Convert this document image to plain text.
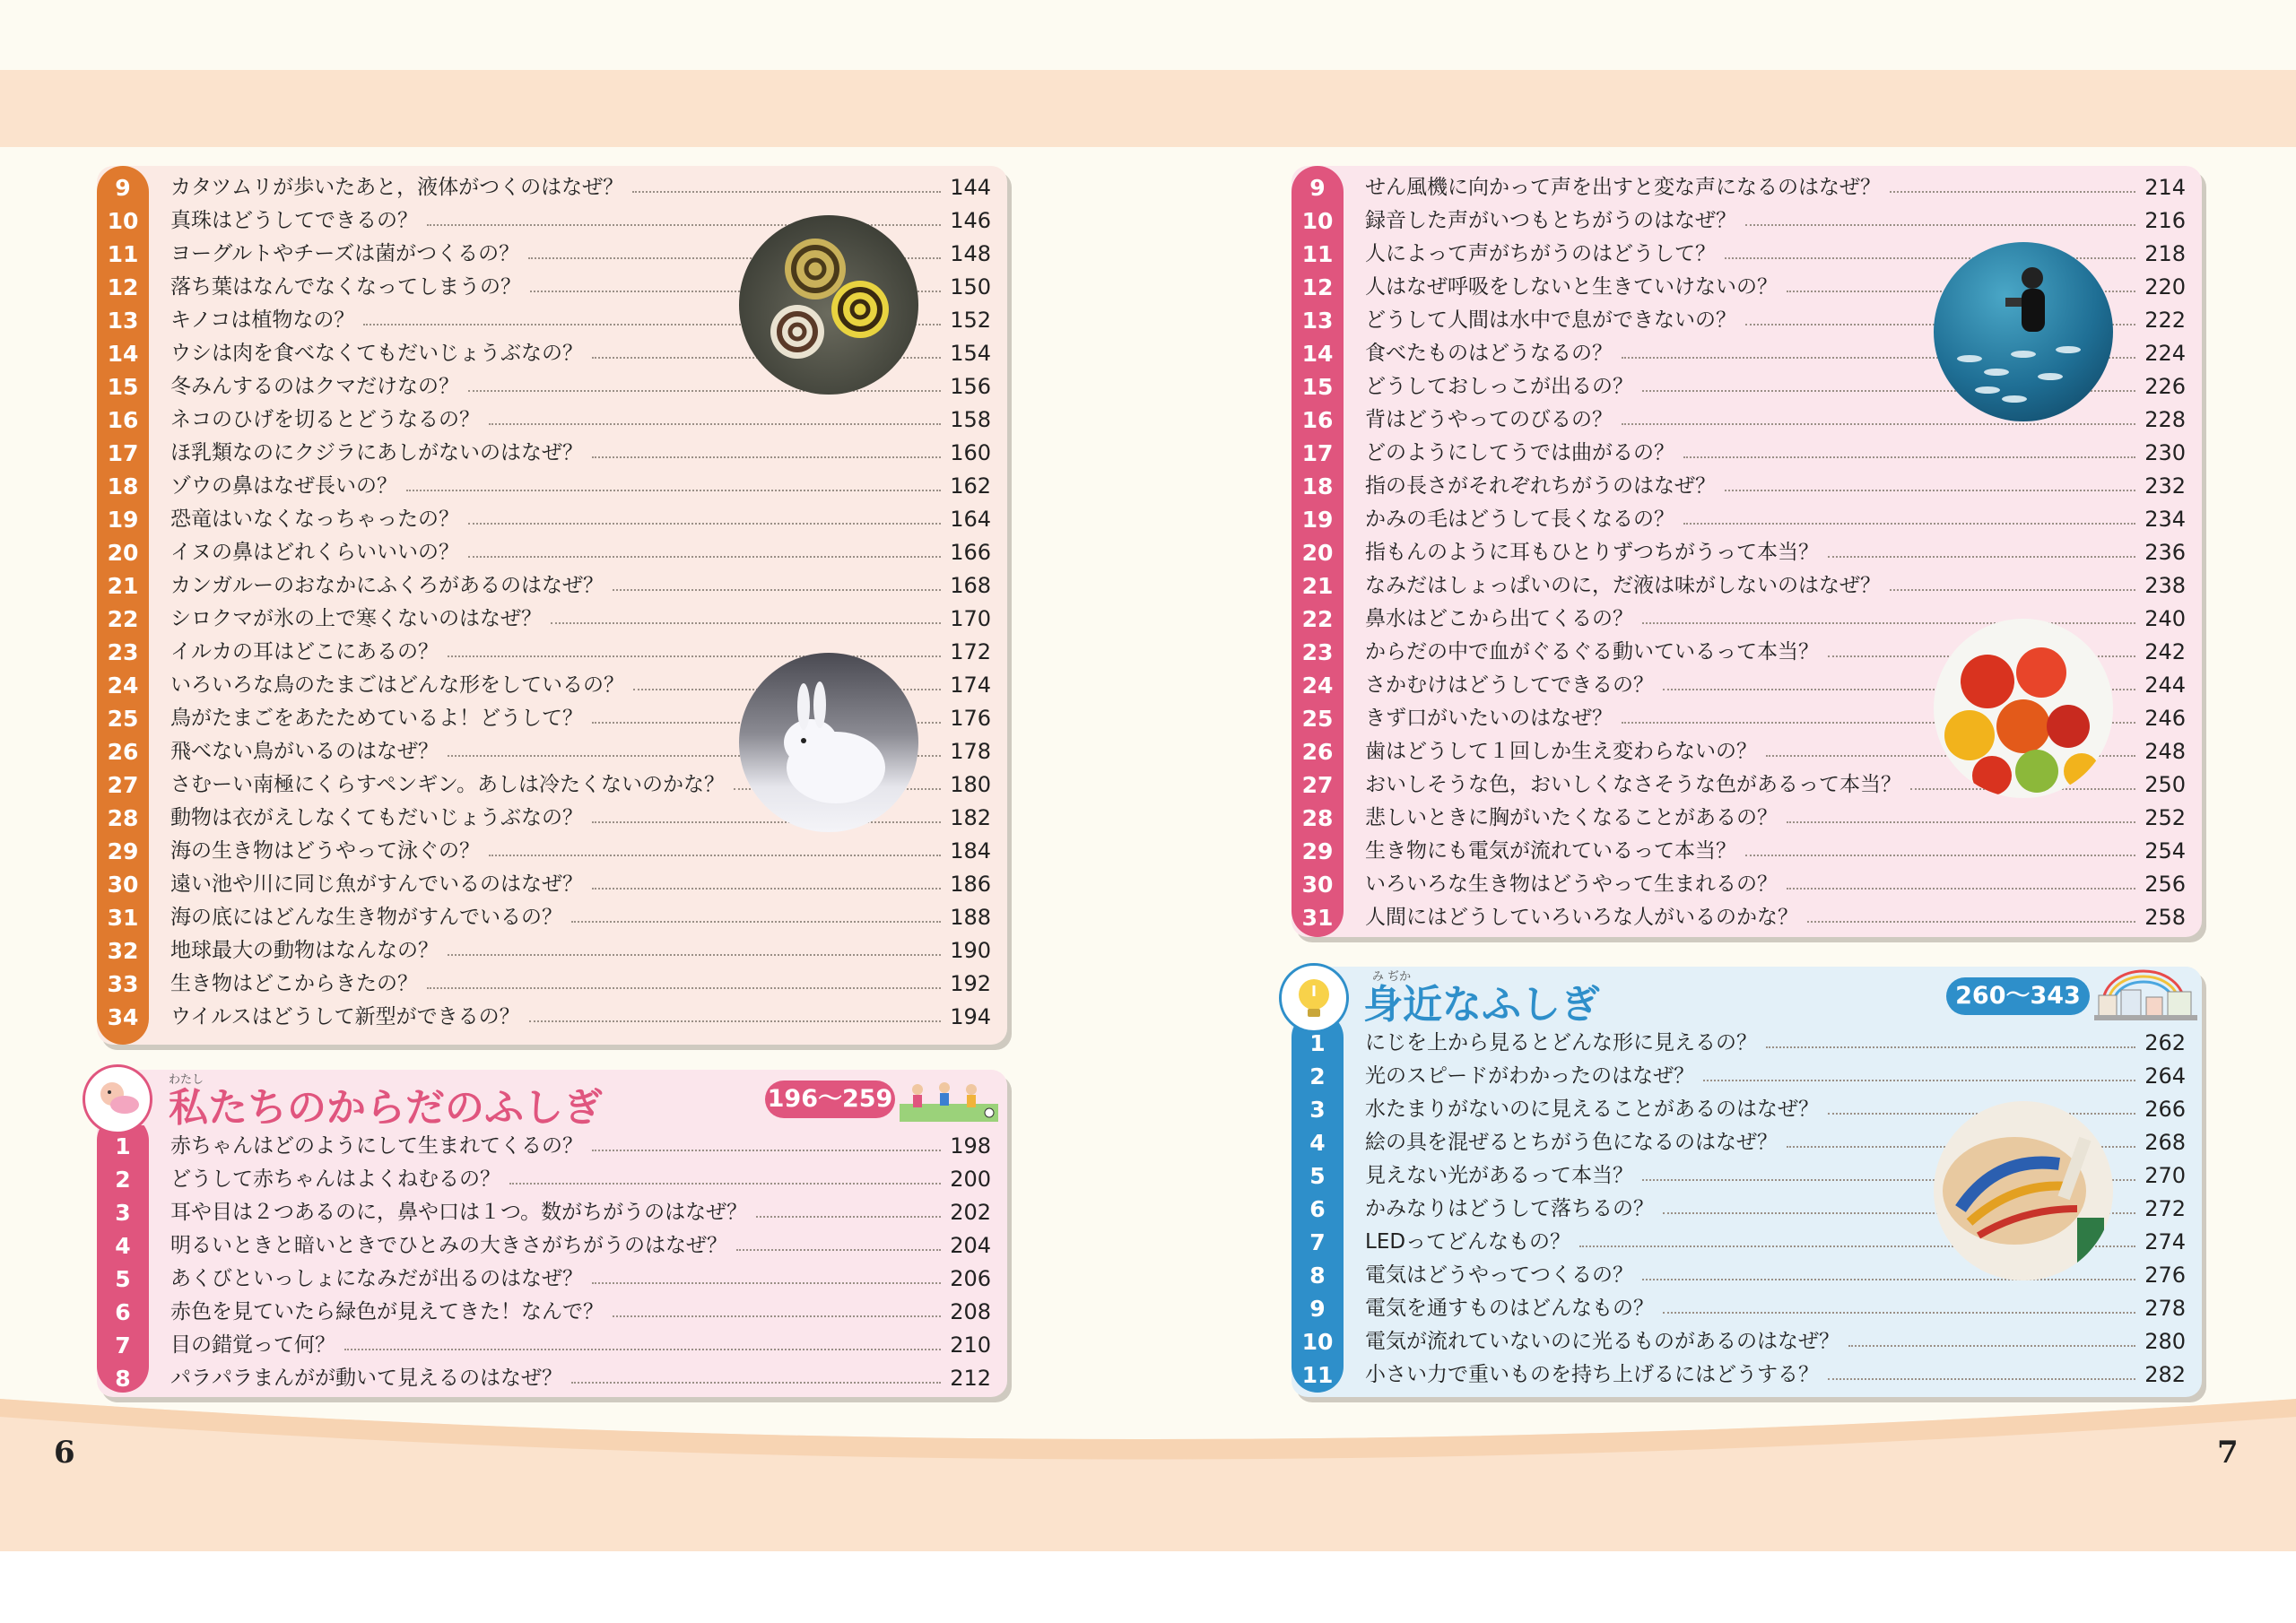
6	7
9	カタツムリが歩いたあと，液体がつくのはなぜ？	144
10	真珠はどうしてできるの？	146
11	ヨーグルトやチーズは菌がつくるの？	148
12	落ち葉はなんでなくなってしまうの？	150
13	キノコは植物なの？	152
14	ウシは肉を食べなくてもだいじょうぶなの？	154
15	冬みんするのはクマだけなの？	156
16	ネコのひげを切るとどうなるの？	158
17	ほ乳類なのにクジラにあしがないのはなぜ？	160
18	ゾウの鼻はなぜ長いの？	162
19	恐竜はいなくなっちゃったの？	164
20	イヌの鼻はどれくらいいいの？	166
21	カンガルーのおなかにふくろがあるのはなぜ？	168
22	シロクマが氷の上で寒くないのはなぜ？	170
23	イルカの耳はどこにあるの？	172
24	いろいろな鳥のたまごはどんな形をしているの？	174
25	鳥がたまごをあたためているよ！どうして？	176
26	飛べない鳥がいるのはなぜ？	178
27	さむーい南極にくらすペンギン。あしは冷たくないのかな？	180
28	動物は衣がえしなくてもだいじょうぶなの？	182
29	海の生き物はどうやって泳ぐの？	184
30	遠い池や川に同じ魚がすんでいるのはなぜ？	186
31	海の底にはどんな生き物がすんでいるの？	188
32	地球最大の動物はなんなの？	190
33	生き物はどこからきたの？	192
34	ウイルスはどうして新型ができるの？	194
わたし
私たちのからだのふしぎ	196～259
1	赤ちゃんはどのようにして生まれてくるの？	198
2	どうして赤ちゃんはよくねむるの？	200
3	耳や目は２つあるのに，鼻や口は１つ。数がちがうのはなぜ？	202
4	明るいときと暗いときでひとみの大きさがちがうのはなぜ？	204
5	あくびといっしょになみだが出るのはなぜ？	206
6	赤色を見ていたら緑色が見えてきた！なんで？	208
7	目の錯覚って何？	210
8	パラパラまんがが動いて見えるのはなぜ？	212
9	せん風機に向かって声を出すと変な声になるのはなぜ？	214
10	録音した声がいつもとちがうのはなぜ？	216
11	人によって声がちがうのはどうして？	218
12	人はなぜ呼吸をしないと生きていけないの？	220
13	どうして人間は水中で息ができないの？	222
14	食べたものはどうなるの？	224
15	どうしておしっこが出るの？	226
16	背はどうやってのびるの？	228
17	どのようにしてうでは曲がるの？	230
18	指の長さがそれぞれちがうのはなぜ？	232
19	かみの毛はどうして長くなるの？	234
20	指もんのように耳もひとりずつちがうって本当？	236
21	なみだはしょっぱいのに，だ液は味がしないのはなぜ？	238
22	鼻水はどこから出てくるの？	240
23	からだの中で血がぐるぐる動いているって本当？	242
24	さかむけはどうしてできるの？	244
25	きず口がいたいのはなぜ？	246
26	歯はどうして１回しか生え変わらないの？	248
27	おいしそうな色，おいしくなさそうな色があるって本当？	250
28	悲しいときに胸がいたくなることがあるの？	252
29	生き物にも電気が流れているって本当？	254
30	いろいろな生き物はどうやって生まれるの？	256
31	人間にはどうしていろいろな人がいるのかな？	258
み ぢか
身近なふしぎ	260～343
1	にじを上から見るとどんな形に見えるの？	262
2	光のスピードがわかったのはなぜ？	264
3	水たまりがないのに見えることがあるのはなぜ？	266
4	絵の具を混ぜるとちがう色になるのはなぜ？	268
5	見えない光があるって本当？	270
6	かみなりはどうして落ちるの？	272
7	LEDってどんなもの？	274
8	電気はどうやってつくるの？	276
9	電気を通すものはどんなもの？	278
10	電気が流れていないのに光るものがあるのはなぜ？	280
11	小さい力で重いものを持ち上げるにはどうする？	282
